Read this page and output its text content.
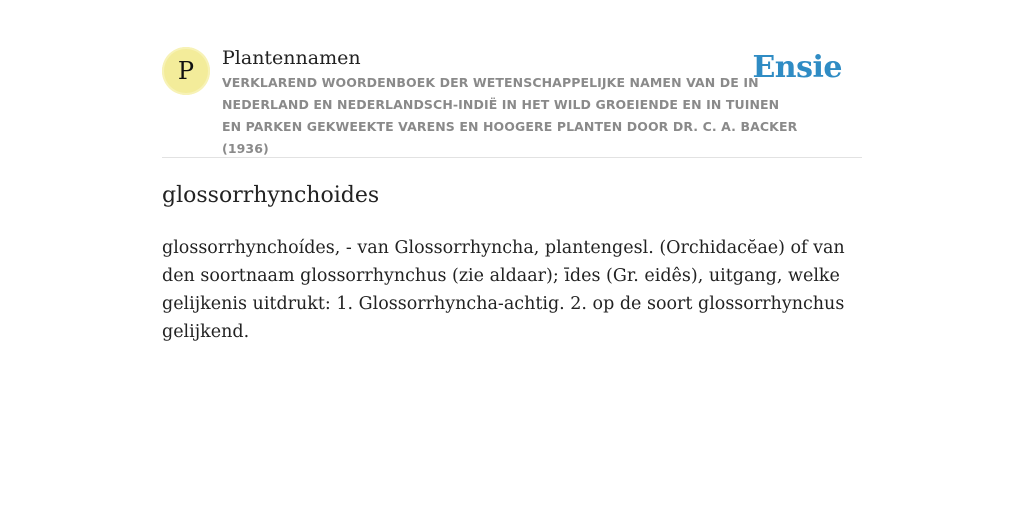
P	Plantennamen
VERKLAREND WOORDENBOEK DER WETENSCHAPPELIJKE NAMEN VAN DE IN NEDERLAND EN NEDERLANDSCH-INDIË IN HET WILD GROEIENDE EN IN TUINEN EN PARKEN GEKWEEKTE VARENS EN HOOGERE PLANTEN DOOR DR. C. A. BACKER (1936)
Ensie
glossorrhynchoides

glossorrhynchoídes, - van Glossorrhyncha, plantengesl. (Orchidacĕae) of van den soortnaam glossorrhynchus (zie aldaar); īdes (Gr. eidês), uitgang, welke gelijkenis uitdrukt: 1. Glossorrhyncha-achtig. 2. op de soort glossorrhynchus gelijkend.
